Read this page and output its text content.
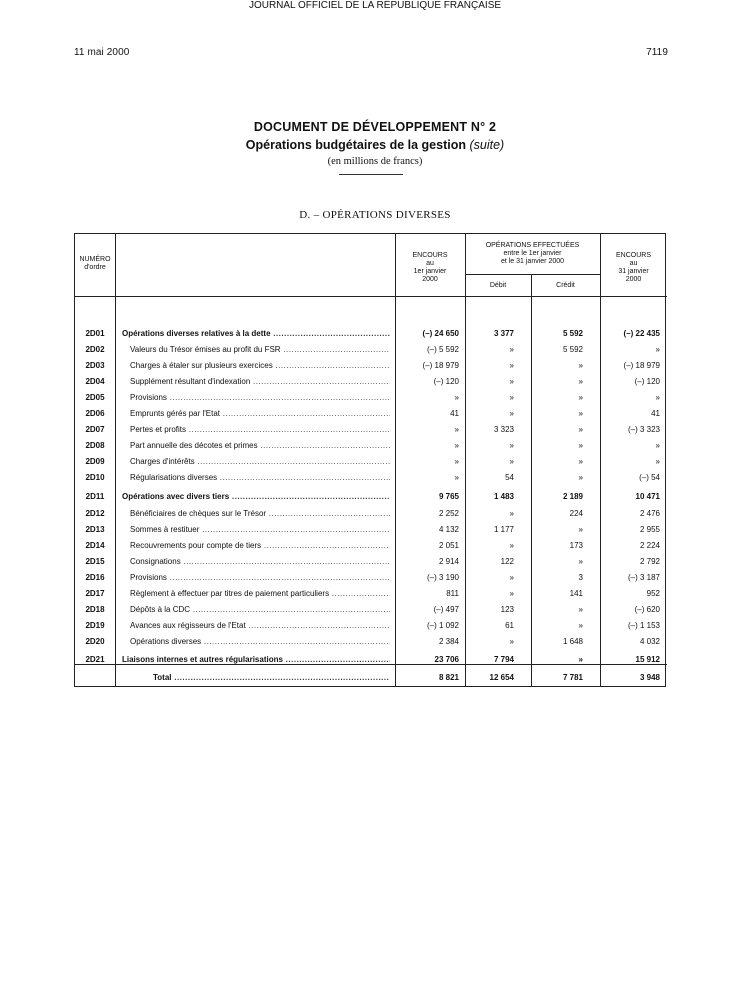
11 mai 2000
JOURNAL OFFICIEL DE LA RÉPUBLIQUE FRANÇAISE
7119
DOCUMENT DE DÉVELOPPEMENT N° 2
Opérations budgétaires de la gestion (suite)
(en millions de francs)
D. – OPÉRATIONS DIVERSES
NUMÉRO
d'ordre
ENCOURS
au
1er janvier
2000
OPÉRATIONS EFFECTUÉES
entre le 1er janvier
et le 31 janvier 2000
Débit	Crédit
ENCOURS
au
31 janvier
2000
2D01	Opérations diverses relatives à la dette .....	(–) 24 650	3 377	5 592	(–) 22 435
2D02	Valeurs du Trésor émises au profit du FSR .....	(–) 5 592	»	5 592	»
2D03	Charges à étaler sur plusieurs exercices .....	(–) 18 979	»	»	(–) 18 979
2D04	Supplément résultant d'indexation .....	(–) 120	»	»	(–) 120
2D05	Provisions .....	»	»	»	»
2D06	Emprunts gérés par l'Etat .....	41	»	»	41
2D07	Pertes et profits .....	»	3 323	»	(–) 3 323
2D08	Part annuelle des décotes et primes .....	»	»	»	»
2D09	Charges d'intérêts .....	»	»	»	»
2D10	Régularisations diverses .....	»	54	»	(–) 54
2D11	Opérations avec divers tiers .....	9 765	1 483	2 189	10 471
2D12	Bénéficiaires de chèques sur le Trésor .....	2 252	»	224	2 476
2D13	Sommes à restituer .....	4 132	1 177	»	2 955
2D14	Recouvrements pour compte de tiers .....	2 051	»	173	2 224
2D15	Consignations .....	2 914	122	»	2 792
2D16	Provisions .....	(–) 3 190	»	3	(–) 3 187
2D17	Règlement à effectuer par titres de paiement particuliers .....	811	»	141	952
2D18	Dépôts à la CDC .....	(–) 497	123	»	(–) 620
2D19	Avances aux régisseurs de l'Etat .....	(–) 1 092	61	»	(–) 1 153
2D20	Opérations diverses .....	2 384	»	1 648	4 032
2D21	Liaisons internes et autres régularisations .....	23 706	7 794	»	15 912
Total .....	8 821	12 654	7 781	3 948
